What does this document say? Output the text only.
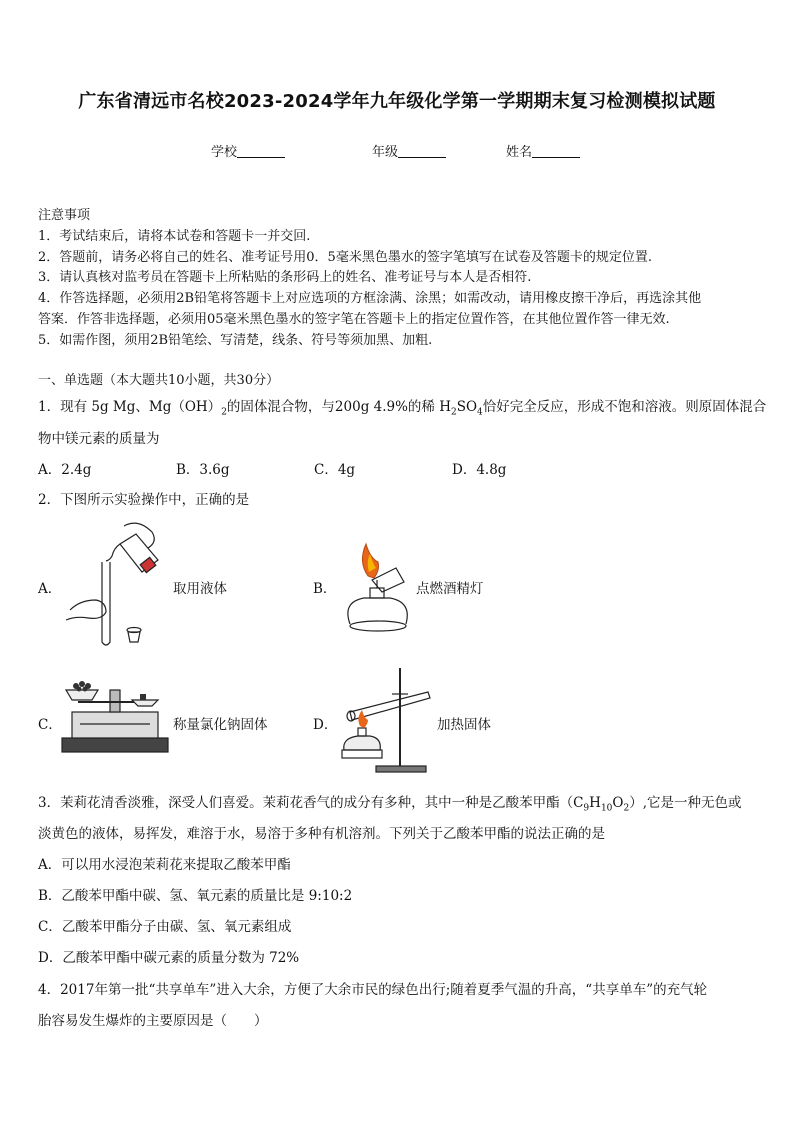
广东省清远市名校2023-2024学年九年级化学第一学期期末复习检测模拟试题
学校	年级	姓名
注意事项
1．考试结束后，请将本试卷和答题卡一并交回.
2．答题前，请务必将自己的姓名、准考证号用0．5毫米黑色墨水的签字笔填写在试卷及答题卡的规定位置.
3．请认真核对监考员在答题卡上所粘贴的条形码上的姓名、准考证号与本人是否相符.
4．作答选择题，必须用2B铅笔将答题卡上对应选项的方框涂满、涂黑；如需改动，请用橡皮擦干净后，再选涂其他
答案．作答非选择题，必须用05毫米黑色墨水的签字笔在答题卡上的指定位置作答，在其他位置作答一律无效.
5．如需作图，须用2B铅笔绘、写清楚，线条、符号等须加黑、加粗.
一、单选题（本大题共10小题，共30分）
1．现有 5g Mg、$Mg(OH)_2$的固体混合物，与200g 4.9%的稀 $H_2SO_4$恰好完全反应，形成不饱和溶液。则原固体混合
物中镁元素的质量为
A．2.4g	B．3.6g	C．4g	D．4.8g
2．下图所示实验操作中，正确的是
A．	取用液体	B．	点燃酒精灯
C．	称量氯化钠固体	D．	加热固体
3．茉莉花清香淡雅，深受人们喜爱。茉莉花香气的成分有多种，其中一种是乙酸苯甲酯$(C_9H_{10}O_2)$,它是一种无色或
淡黄色的液体，易挥发，难溶于水，易溶于多种有机溶剂。下列关于乙酸苯甲酯的说法正确的是
A．可以用水浸泡茉莉花来提取乙酸苯甲酯
B．乙酸苯甲酯中碳、氢、氧元素的质量比是 9:10:2
C．乙酸苯甲酯分子由碳、氢、氧元素组成
D．乙酸苯甲酯中碳元素的质量分数为 72%
4．2017年第一批“共享单车”进入大余，方便了大余市民的绿色出行;随着夏季气温的升高，“共享单车”的充气轮
胎容易发生爆炸的主要原因是（　　）
